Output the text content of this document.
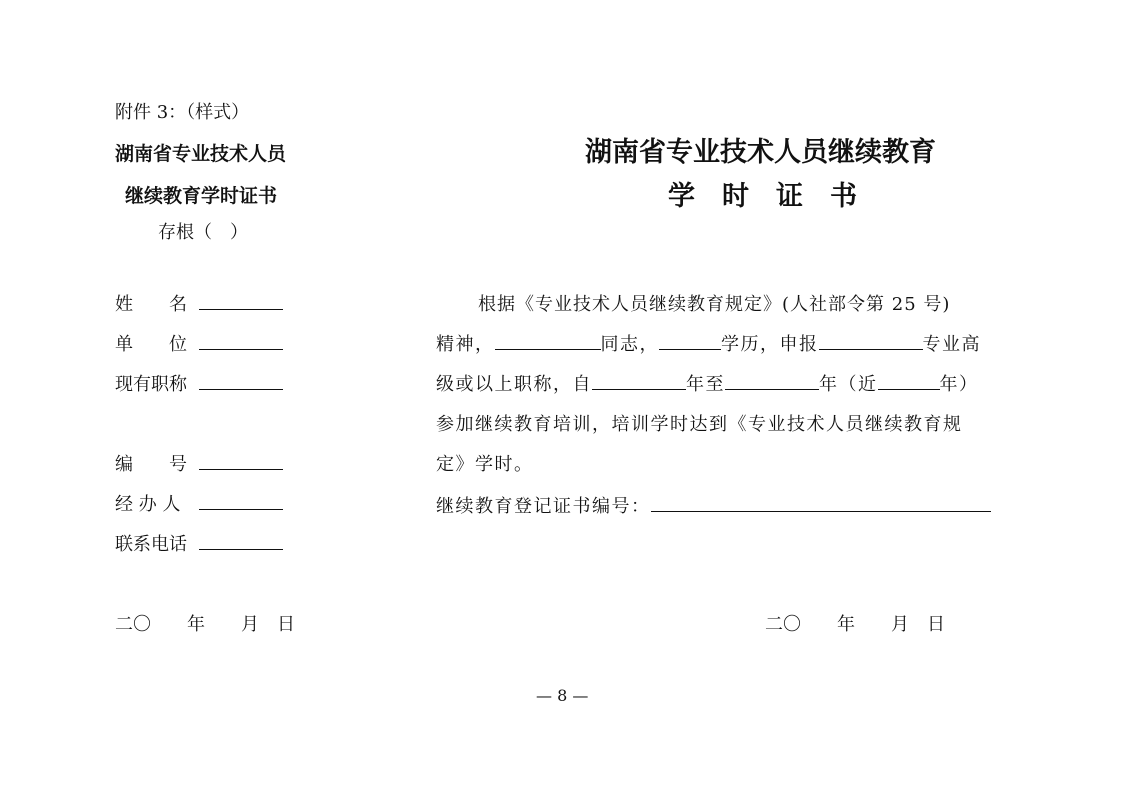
附件 3：（样式）
湖南省专业技术人员
继续教育学时证书
存根（　）
姓　　名
单　　位
现有职称
编　　号
经 办 人
联系电话
二〇　　年　　月　日
湖南省专业技术人员继续教育
学　时　证　书
根据《专业技术人员继续教育规定》(人社部令第 25 号)
精神，	同志，	学历，申报	专业高
级或以上职称，自	年至	年（近	年）
参加继续教育培训，培训学时达到《专业技术人员继续教育规
定》学时。
继续教育登记证书编号：
二〇　　年　　月　日
— 8 —
